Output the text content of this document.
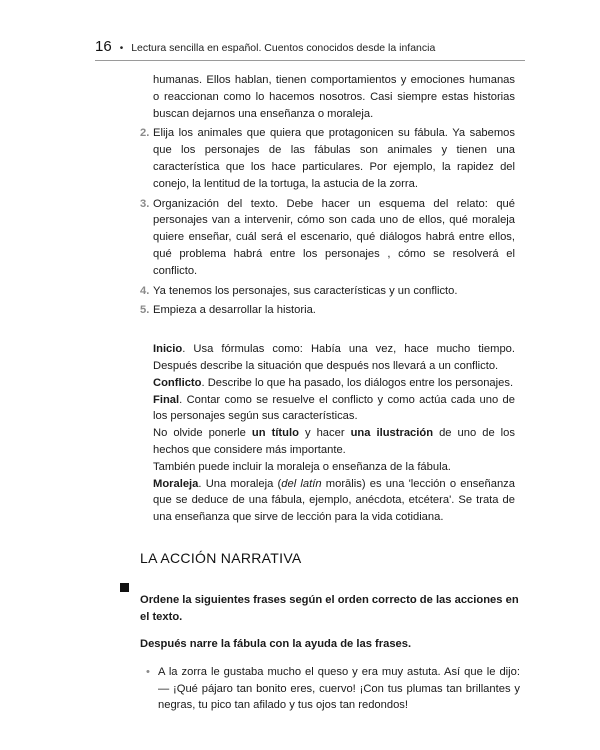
16 • Lectura sencilla en español. Cuentos conocidos desde la infancia

humanas. Ellos hablan, tienen comportamientos y emociones humanas o reaccionan como lo hacemos nosotros. Casi siempre estas historias buscan dejarnos una enseñanza o moraleja.

2. Elija los animales que quiera que protagonicen su fábula. Ya sabemos que los personajes de las fábulas son animales y tienen una característica que los hace particulares. Por ejemplo, la rapidez del conejo, la lentitud de la tortuga, la astucia de la zorra.

3. Organización del texto. Debe hacer un esquema del relato: qué personajes van a intervenir, cómo son cada uno de ellos, qué moraleja quiere enseñar, cuál será el escenario, qué diálogos habrá entre ellos, qué problema habrá entre los personajes , cómo se resolverá el conflicto.

4. Ya tenemos los personajes, sus características y un conflicto.

5. Empieza a desarrollar la historia.

Inicio. Usa fórmulas como: Había una vez, hace mucho tiempo. Después describe la situación que después nos llevará a un conflicto.

Conflicto. Describe lo que ha pasado, los diálogos entre los personajes.

Final. Contar como se resuelve el conflicto y como actúa cada uno de los personajes según sus características.

No olvide ponerle un título y hacer una ilustración de uno de los hechos que considere más importante.

También puede incluir la moraleja o enseñanza de la fábula.

Moraleja. Una moraleja (del latín morālis) es una 'lección o enseñanza que se deduce de una fábula, ejemplo, anécdota, etcétera'. Se trata de una enseñanza que sirve de lección para la vida cotidiana.

LA ACCIÓN NARRATIVA

Ordene la siguientes frases según el orden correcto de las acciones en el texto.

Después narre la fábula con la ayuda de las frases.

• A la zorra le gustaba mucho el queso y era muy astuta. Así que le dijo: — ¡Qué pájaro tan bonito eres, cuervo! ¡Con tus plumas tan brillantes y negras, tu pico tan afilado y tus ojos tan redondos!
